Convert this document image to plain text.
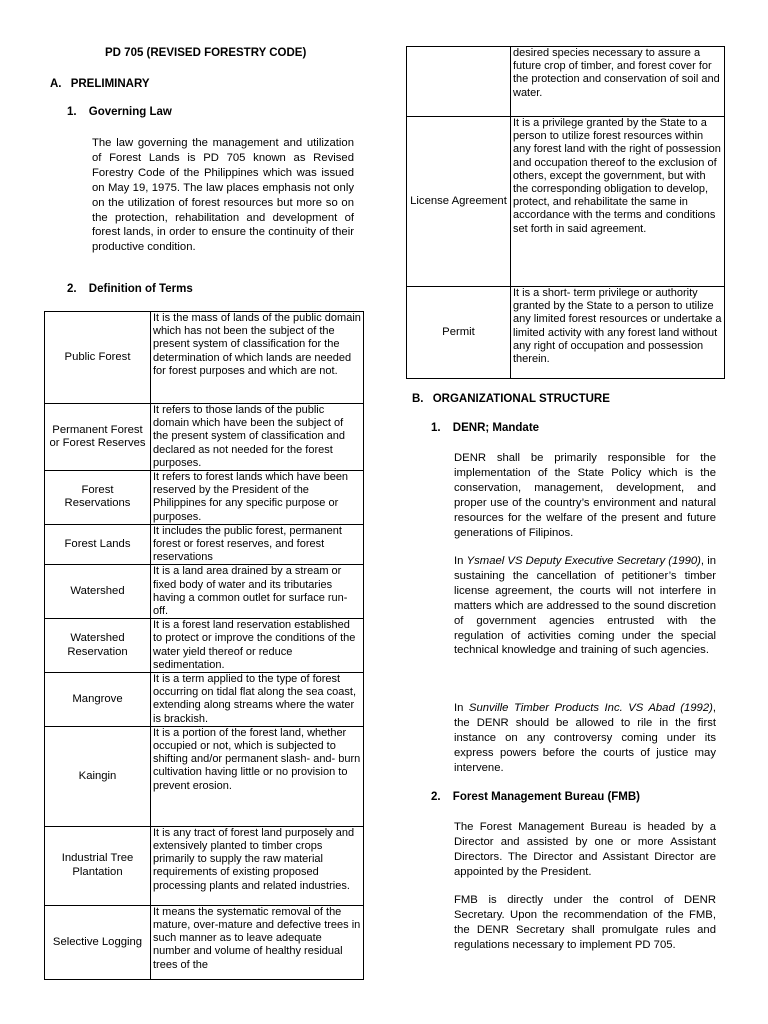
PD 705 (REVISED FORESTRY CODE)
A. PRELIMINARY
1. Governing Law

The law governing the management and utilization of Forest Lands is PD 705 known as Revised Forestry Code of the Philippines which was issued on May 19, 1975. The law places emphasis not only on the utilization of forest resources but more so on the protection, rehabilitation and development of forest lands, in order to ensure the continuity of their productive condition.

2. Definition of Terms
Public Forest	It is the mass of lands of the public domain which has not been the subject of the present system of classification for the determination of which lands are needed for forest purposes and which are not.
Permanent Forest or Forest Reserves	It refers to those lands of the public domain which have been the subject of the present system of classification and declared as not needed for the forest purposes.
Forest Reservations	It refers to forest lands which have been reserved by the President of the Philippines for any specific purpose or purposes.
Forest Lands	It includes the public forest, permanent forest or forest reserves, and forest reservations
Watershed	It is a land area drained by a stream or fixed body of water and its tributaries having a common outlet for surface run-off.
Watershed Reservation	It is a forest land reservation established to protect or improve the conditions of the water yield thereof or reduce sedimentation.
Mangrove	It is a term applied to the type of forest occurring on tidal flat along the sea coast, extending along streams where the water is brackish.
Kaingin	It is a portion of the forest land, whether occupied or not, which is subjected to shifting and/or permanent slash- and- burn cultivation having little or no provision to prevent erosion.
Industrial Tree Plantation	It is any tract of forest land purposely and extensively planted to timber crops primarily to supply the raw material requirements of existing proposed processing plants and related industries.
Selective Logging	It means the systematic removal of the mature, over-mature and defective trees in such manner as to leave adequate number and volume of healthy residual trees of the
	desired species necessary to assure a future crop of timber, and forest cover for the protection and conservation of soil and water.
License Agreement	It is a privilege granted by the State to a person to utilize forest resources within any forest land with the right of possession and occupation thereof to the exclusion of others, except the government, but with the corresponding obligation to develop, protect, and rehabilitate the same in accordance with the terms and conditions set forth in said agreement.
Permit	It is a short- term privilege or authority granted by the State to a person to utilize any limited forest resources or undertake a limited activity with any forest land without any right of occupation and possession therein.
B. ORGANIZATIONAL STRUCTURE
1. DENR; Mandate

DENR shall be primarily responsible for the implementation of the State Policy which is the conservation, management, development, and proper use of the country’s environment and natural resources for the welfare of the present and future generations of Filipinos.

In Ysmael VS Deputy Executive Secretary (1990), in sustaining the cancellation of petitioner’s timber license agreement, the courts will not interfere in matters which are addressed to the sound discretion of government agencies entrusted with the regulation of activities coming under the special technical knowledge and training of such agencies.

In Sunville Timber Products Inc. VS Abad (1992), the DENR should be allowed to rile in the first instance on any controversy coming under its express powers before the courts of justice may intervene.

2. Forest Management Bureau (FMB)

The Forest Management Bureau is headed by a Director and assisted by one or more Assistant Directors. The Director and Assistant Director are appointed by the President.

FMB is directly under the control of DENR Secretary. Upon the recommendation of the FMB, the DENR Secretary shall promulgate rules and regulations necessary to implement PD 705.
